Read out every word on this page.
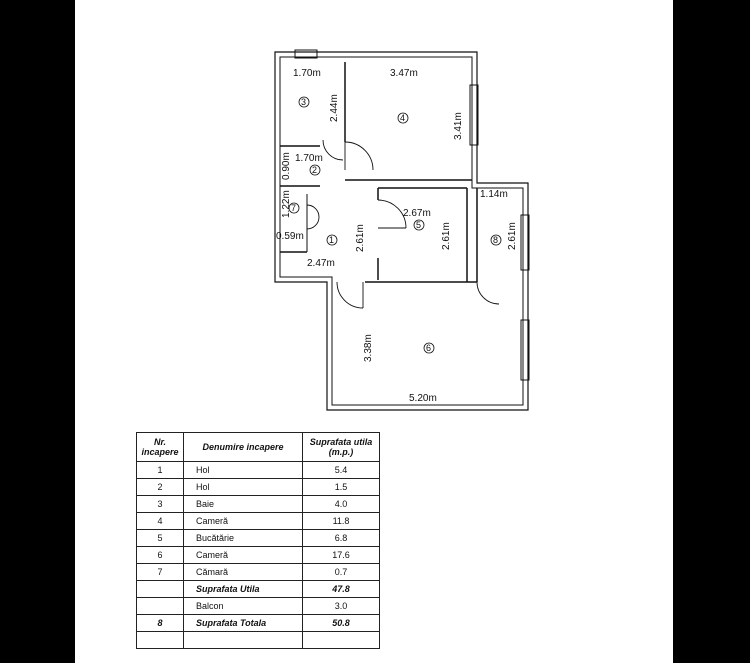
1.70m	3.47m
2.44m
3.41m
1.70m
0.90m
1.14m
2.67m
1.22m
0.59m	2.61m	2.61m	2.61m
2.47m
3.38m
5.20m
3
2
4
7
1
5
8
6
Nr. incapere	Denumire incapere	Suprafata utila (m.p.)
1	Hol	5.4
2	Hol	1.5
3	Baie	4.0
4	Cameră	11.8
5	Bucătărie	6.8
6	Cameră	17.6
7	Cămară	0.7
	Suprafata Utila	47.8
	Balcon	3.0
8	Suprafata Totala	50.8
